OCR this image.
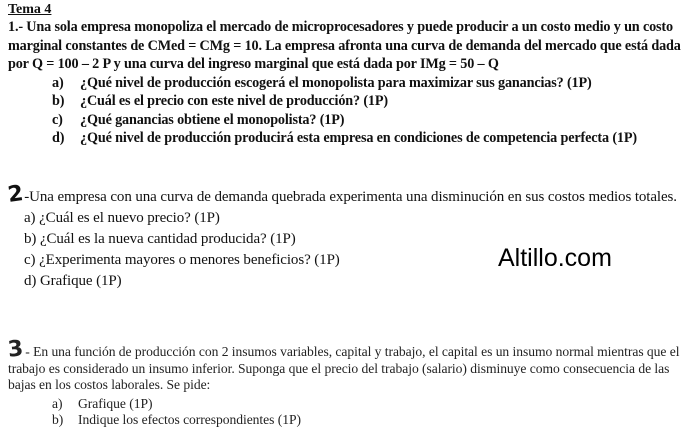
Tema 4
1.- Una sola empresa monopoliza el mercado de microprocesadores y puede producir a un costo medio y un costo marginal constantes de CMed = CMg = 10. La empresa afronta una curva de demanda del mercado que está dada por Q = 100 – 2 P y una curva del ingreso marginal que está dada por IMg = 50 – Q
a)	¿Qué nivel de producción escogerá el monopolista para maximizar sus ganancias? (1P)
b)	¿Cuál es el precio con este nivel de producción? (1P)
c)	¿Qué ganancias obtiene el monopolista? (1P)
d)	¿Qué nivel de producción producirá esta empresa en condiciones de competencia perfecta (1P)
2-Una empresa con una curva de demanda quebrada experimenta una disminución en sus costos medios totales.
a) ¿Cuál es el nuevo precio? (1P)
b) ¿Cuál es la nueva cantidad producida? (1P)
c) ¿Experimenta mayores o menores beneficios? (1P)
d) Grafique (1P)
Altillo.com
3- En una función de producción con 2 insumos variables, capital y trabajo, el capital es un insumo normal mientras que el trabajo es considerado un insumo inferior. Suponga que el precio del trabajo (salario) disminuye como consecuencia de las bajas en los costos laborales. Se pide:
a)	Grafique (1P)
b)	Indique los efectos correspondientes (1P)
